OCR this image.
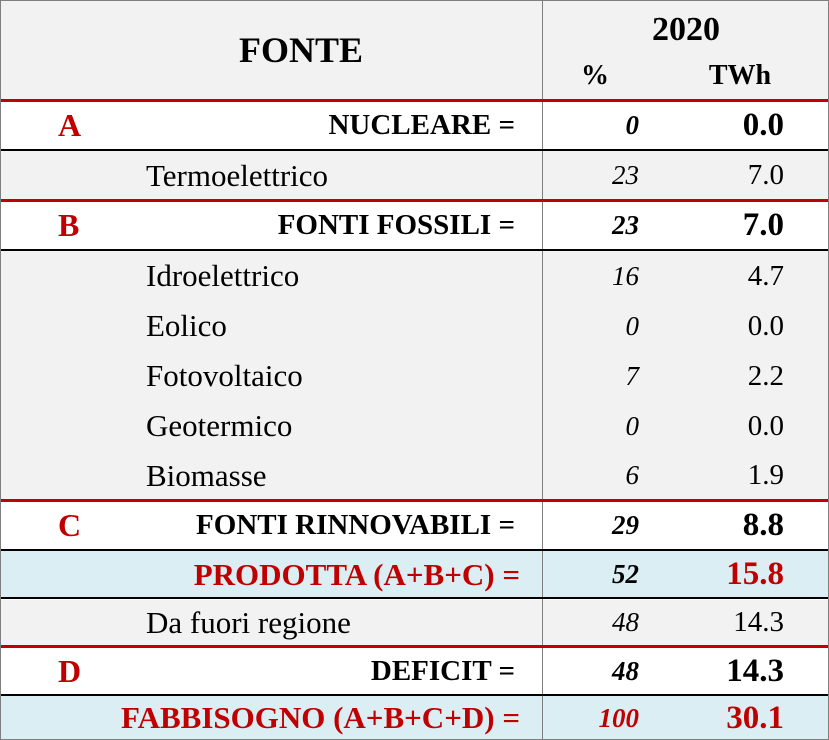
FONTE
2020
%	TWh
A	NUCLEARE =	0	0.0
Termoelettrico	23	7.0
B	FONTI FOSSILI =	23	7.0
Idroelettrico	16	4.7
Eolico	0	0.0
Fotovoltaico	7	2.2
Geotermico	0	0.0
Biomasse	6	1.9
C	FONTI RINNOVABILI =	29	8.8
PRODOTTA (A+B+C) =	52	15.8
Da fuori regione	48	14.3
D	DEFICIT =	48	14.3
FABBISOGNO (A+B+C+D) =	100	30.1
